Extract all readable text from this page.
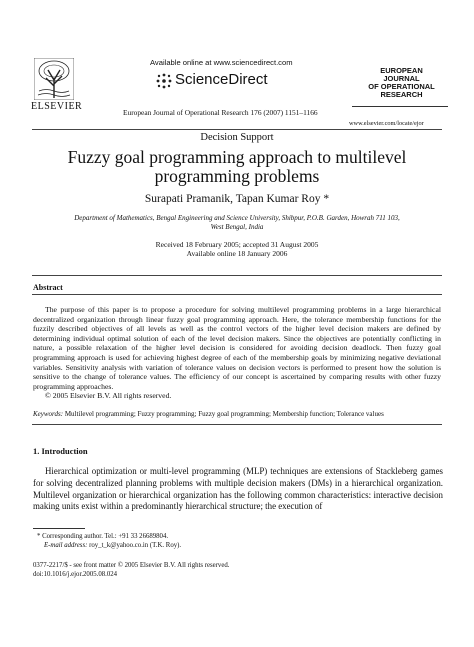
ELSEVIER
Available online at www.sciencedirect.com
ScienceDirect
European Journal of Operational Research 176 (2007) 1151–1166
EUROPEAN
JOURNAL
OF OPERATIONAL
RESEARCH
www.elsevier.com/locate/ejor
Decision Support
Fuzzy goal programming approach to multilevel programming problems
Surapati Pramanik, Tapan Kumar Roy *
Department of Mathematics, Bengal Engineering and Science University, Shibpur, P.O.B. Garden, Howrah 711 103, West Bengal, India
Received 18 February 2005; accepted 31 August 2005
Available online 18 January 2006
Abstract
The purpose of this paper is to propose a procedure for solving multilevel programming problems in a large hierarchical decentralized organization through linear fuzzy goal programming approach. Here, the tolerance membership functions for the fuzzily described objectives of all levels as well as the control vectors of the higher level decision makers are defined by determining individual optimal solution of each of the level decision makers. Since the objectives are potentially conflicting in nature, a possible relaxation of the higher level decision is considered for avoiding decision deadlock. Then fuzzy goal programming approach is used for achieving highest degree of each of the membership goals by minimizing negative deviational variables. Sensitivity analysis with variation of tolerance values on decision vectors is performed to present how the solution is sensitive to the change of tolerance values. The efficiency of our concept is ascertained by comparing results with other fuzzy programming approaches.
© 2005 Elsevier B.V. All rights reserved.
Keywords: Multilevel programming; Fuzzy programming; Fuzzy goal programming; Membership function; Tolerance values
1. Introduction
Hierarchical optimization or multi-level programming (MLP) techniques are extensions of Stackleberg games for solving decentralized planning problems with multiple decision makers (DMs) in a hierarchical organization. Multilevel organization or hierarchical organization has the following common characteristics: interactive decision making units exist within a predominantly hierarchical structure; the execution of
* Corresponding author. Tel.: +91 33 26689804.
E-mail address: roy_t_k@yahoo.co.in (T.K. Roy).
0377-2217/$ - see front matter © 2005 Elsevier B.V. All rights reserved.
doi:10.1016/j.ejor.2005.08.024
